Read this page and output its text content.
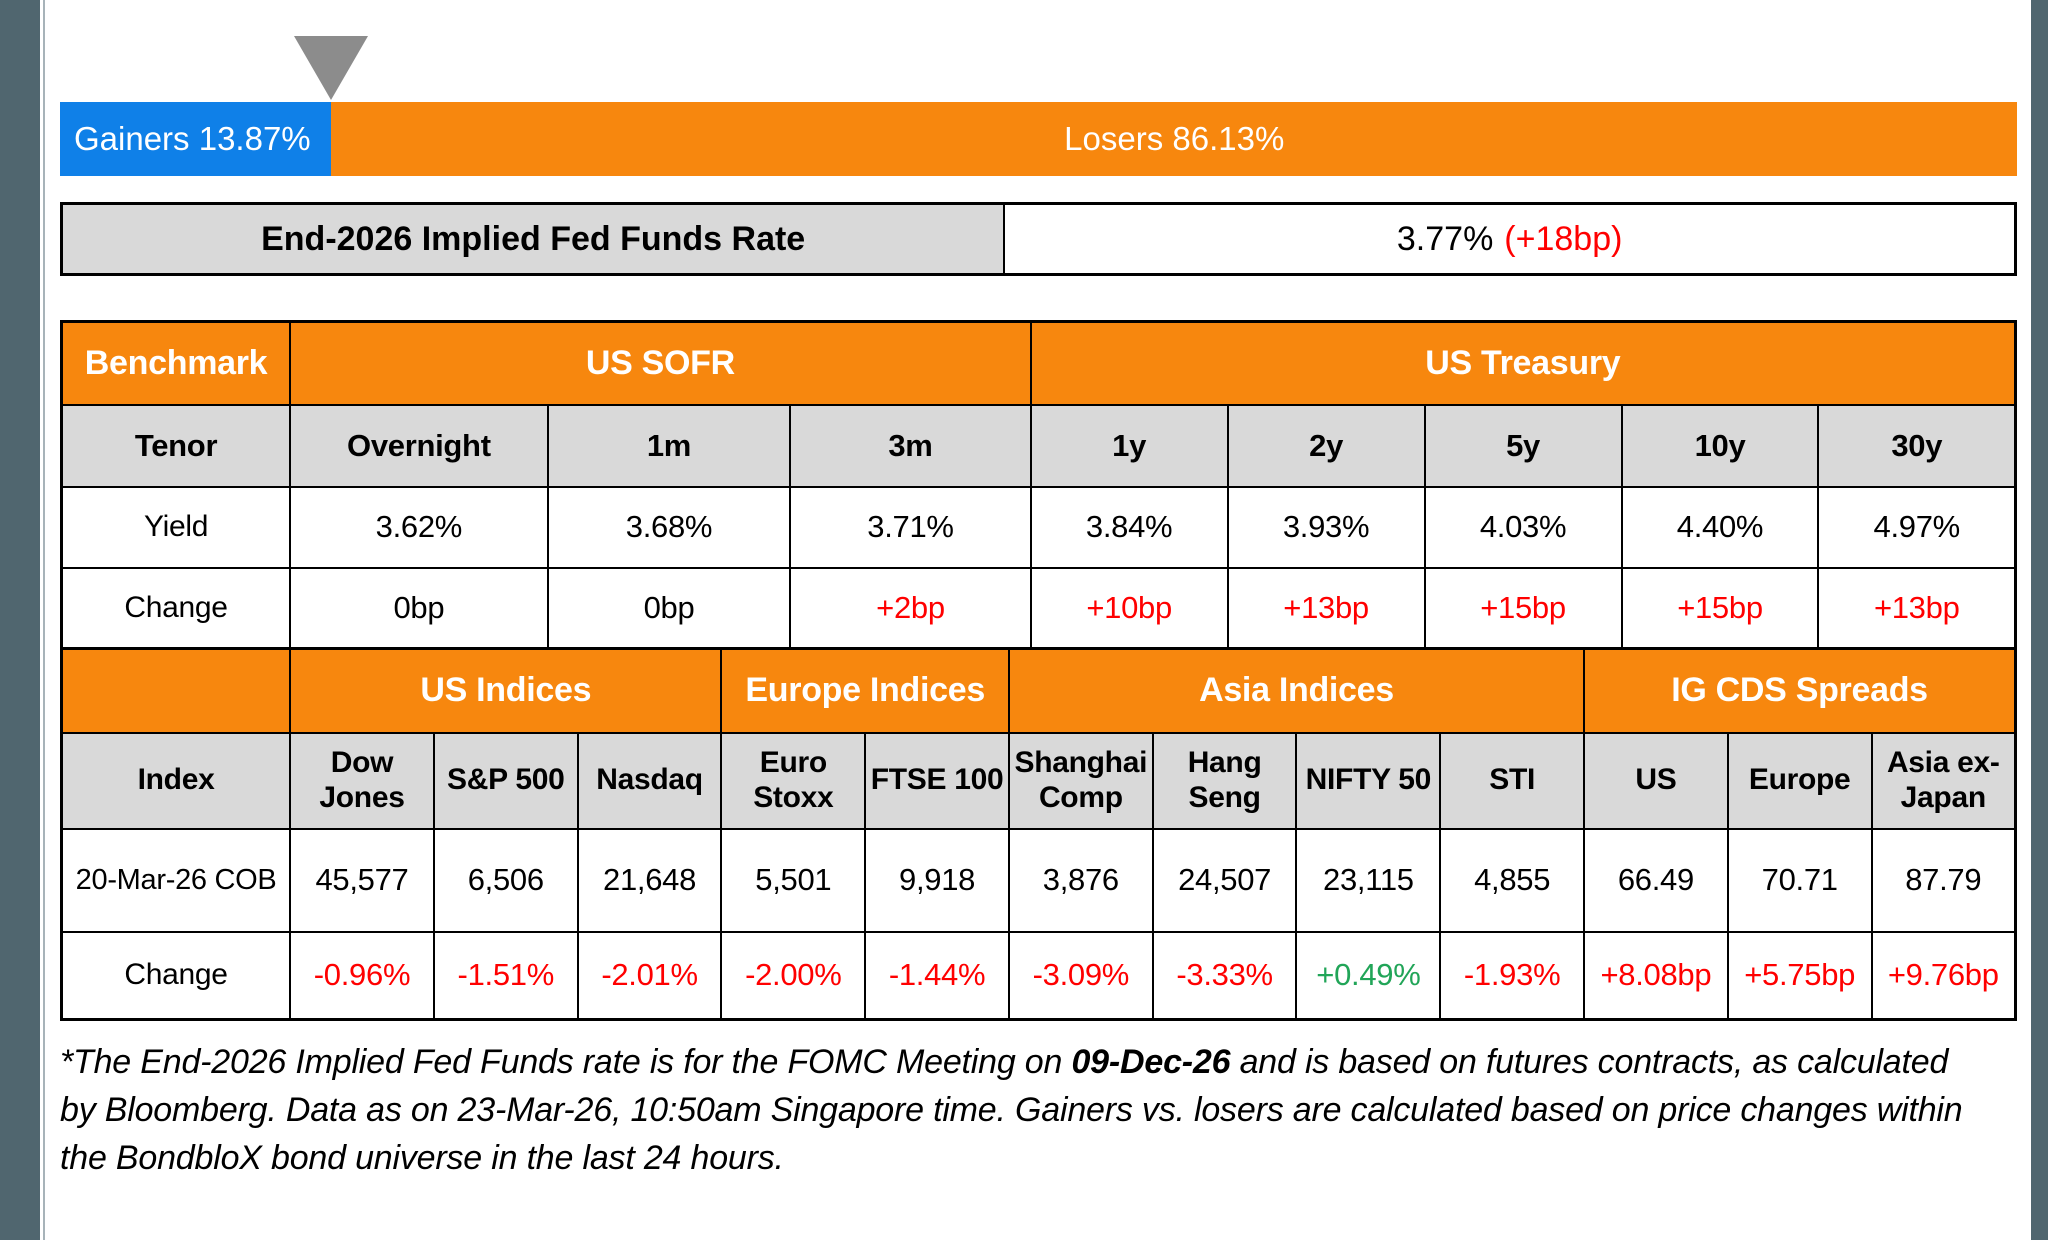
Gainers 13.87%	Losers 86.13%
End-2026 Implied Fed Funds Rate	3.77% (+18bp)
Benchmark	US SOFR			US Treasury				
Tenor	Overnight	1m	3m	1y	2y	5y	10y	30y
Yield	3.62%	3.68%	3.71%	3.84%	3.93%	4.03%	4.40%	4.97%
Change	0bp	0bp	+2bp	+10bp	+13bp	+15bp	+15bp	+13bp
	US Indices			Europe Indices		Asia Indices				IG CDS Spreads		
Index	Dow Jones	S&P 500	Nasdaq	Euro Stoxx	FTSE 100	Shanghai Comp	Hang Seng	NIFTY 50	STI	US	Europe	Asia ex-Japan
20-Mar-26 COB	45,577	6,506	21,648	5,501	9,918	3,876	24,507	23,115	4,855	66.49	70.71	87.79
Change	-0.96%	-1.51%	-2.01%	-2.00%	-1.44%	-3.09%	-3.33%	+0.49%	-1.93%	+8.08bp	+5.75bp	+9.76bp
*The End-2026 Implied Fed Funds rate is for the FOMC Meeting on 09-Dec-26 and is based on futures contracts, as calculated by Bloomberg. Data as on 23-Mar-26, 10:50am Singapore time. Gainers vs. losers are calculated based on price changes within the BondbloX bond universe in the last 24 hours.
